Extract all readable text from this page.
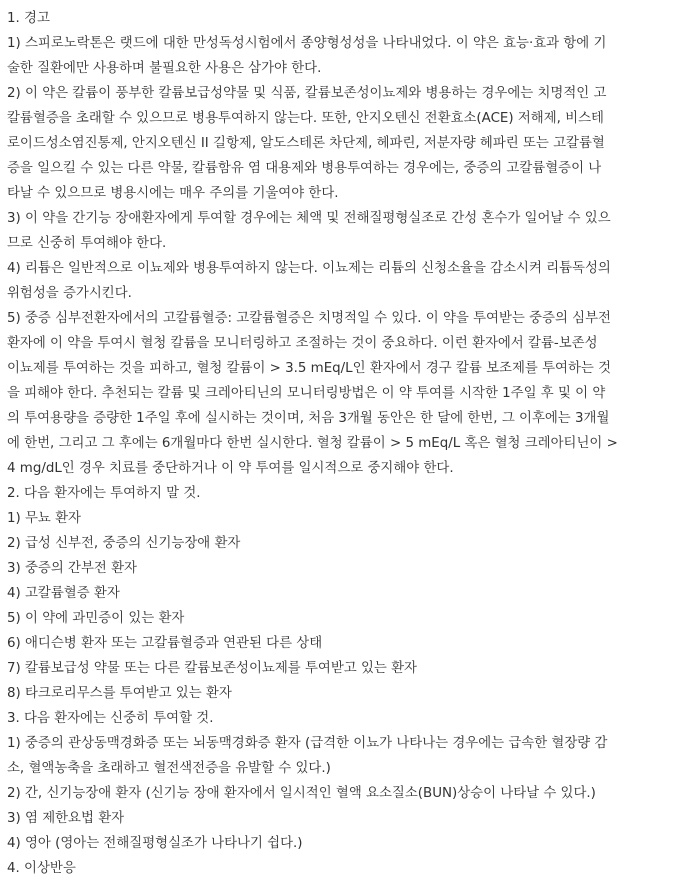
1. 경고
1) 스피로노락톤은 랫드에 대한 만성독성시험에서 종양형성성을 나타내었다. 이 약은 효능·효과 항에 기
술한 질환에만 사용하며 불필요한 사용은 삼가야 한다.
2) 이 약은 칼륨이 풍부한 칼륨보급성약물 및 식품, 칼륨보존성이뇨제와 병용하는 경우에는 치명적인 고
칼륨혈증을 초래할 수 있으므로 병용투여하지 않는다. 또한, 안지오텐신 전환효소(ACE) 저해제, 비스테
로이드성소염진통제, 안지오텐신 II 길항제, 알도스테론 차단제, 헤파린, 저분자량 헤파린 또는 고칼륨혈
증을 일으킬 수 있는 다른 약물, 칼륨함유 염 대용제와 병용투여하는 경우에는, 중증의 고칼륨혈증이 나
타날 수 있으므로 병용시에는 매우 주의를 기울여야 한다.
3) 이 약을 간기능 장애환자에게 투여할 경우에는 체액 및 전해질평형실조로 간성 혼수가 일어날 수 있으
므로 신중히 투여해야 한다.
4) 리튬은 일반적으로 이뇨제와 병용투여하지 않는다. 이뇨제는 리튬의 신청소율을 감소시켜 리튬독성의
위험성을 증가시킨다.
5) 중증 심부전환자에서의 고칼륨혈증: 고칼륨혈증은 치명적일 수 있다. 이 약을 투여받는 중증의 심부전
환자에 이 약을 투여시 혈청 칼륨을 모니터링하고 조절하는 것이 중요하다. 이런 환자에서 칼륨-보존성
이뇨제를 투여하는 것을 피하고, 혈청 칼륨이 > 3.5 mEq/L인 환자에서 경구 칼륨 보조제를 투여하는 것
을 피해야 한다. 추천되는 칼륨 및 크레아티닌의 모니터링방법은 이 약 투여를 시작한 1주일 후 및 이 약
의 투여용량을 증량한 1주일 후에 실시하는 것이며, 처음 3개월 동안은 한 달에 한번, 그 이후에는 3개월
에 한번, 그리고 그 후에는 6개월마다 한번 실시한다. 혈청 칼륨이 > 5 mEq/L 혹은 혈청 크레아티닌이 >
4 mg/dL인 경우 치료를 중단하거나 이 약 투여를 일시적으로 중지해야 한다.
2. 다음 환자에는 투여하지 말 것.
1) 무뇨 환자
2) 급성 신부전, 중증의 신기능장애 환자
3) 중증의 간부전 환자
4) 고칼륨혈증 환자
5) 이 약에 과민증이 있는 환자
6) 애디슨병 환자 또는 고칼륨혈증과 연관된 다른 상태
7) 칼륨보급성 약물 또는 다른 칼륨보존성이뇨제를 투여받고 있는 환자
8) 타크로리무스를 투여받고 있는 환자
3. 다음 환자에는 신중히 투여할 것.
1) 중증의 관상동맥경화증 또는 뇌동맥경화증 환자 (급격한 이뇨가 나타나는 경우에는 급속한 혈장량 감
소, 혈액농축을 초래하고 혈전색전증을 유발할 수 있다.)
2) 간, 신기능장애 환자 (신기능 장애 환자에서 일시적인 혈액 요소질소(BUN)상승이 나타날 수 있다.)
3) 염 제한요법 환자
4) 영아 (영아는 전해질평형실조가 나타나기 쉽다.)
4. 이상반응
